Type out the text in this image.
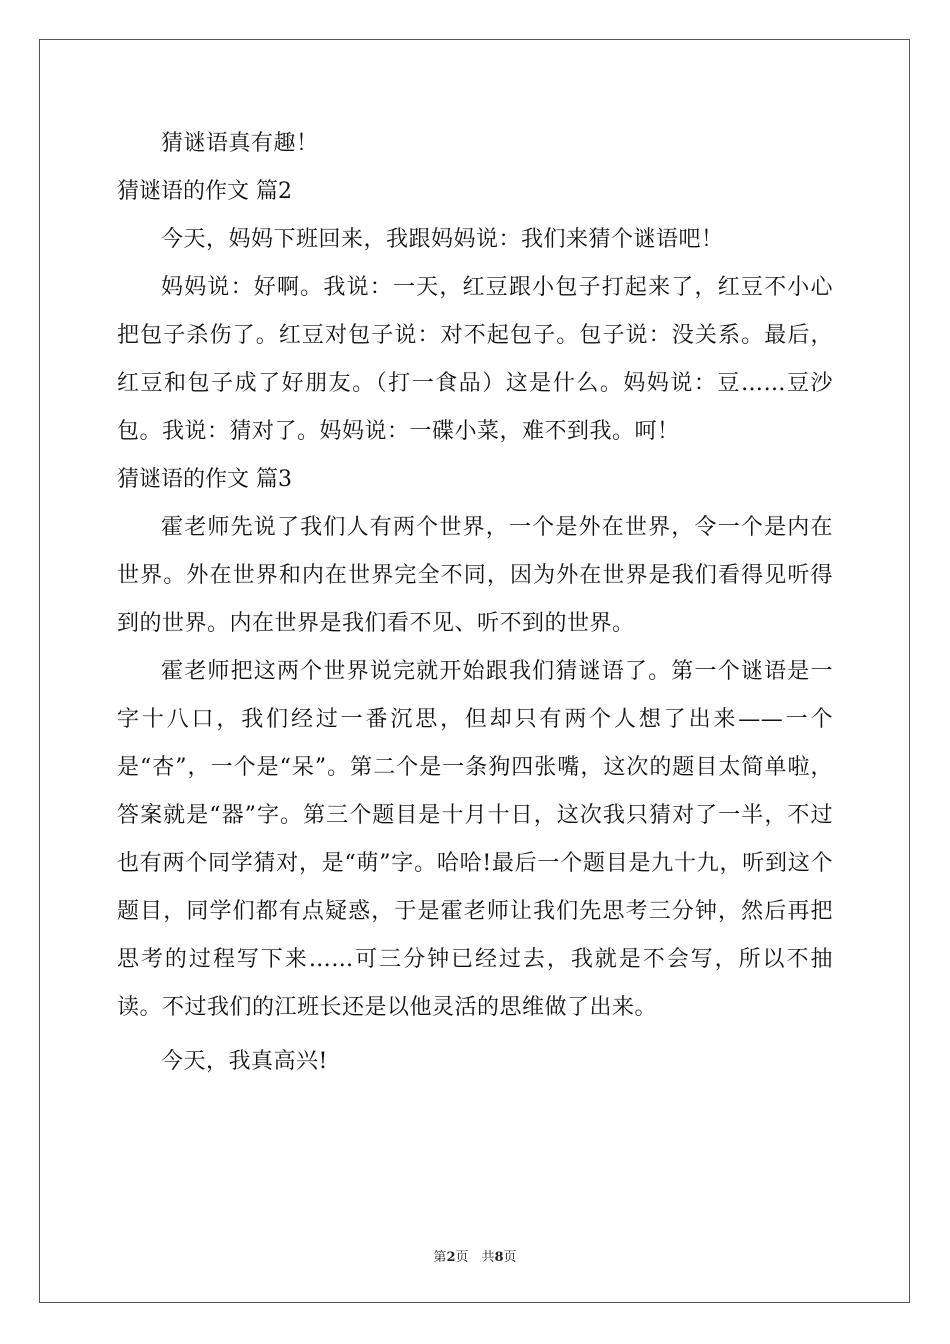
猜谜语真有趣！

猜谜语的作文 篇2

今天，妈妈下班回来，我跟妈妈说：我们来猜个谜语吧！

妈妈说：好啊。我说：一天，红豆跟小包子打起来了，红豆不小心把包子杀伤了。红豆对包子说：对不起包子。包子说：没关系。最后，红豆和包子成了好朋友。（打一食品）这是什么。妈妈说：豆……豆沙包。我说：猜对了。妈妈说：一碟小菜，难不到我。呵！

猜谜语的作文 篇3

霍老师先说了我们人有两个世界，一个是外在世界，令一个是内在世界。外在世界和内在世界完全不同，因为外在世界是我们看得见听得到的世界。内在世界是我们看不见、听不到的世界。

霍老师把这两个世界说完就开始跟我们猜谜语了。第一个谜语是一字十八口，我们经过一番沉思，但却只有两个人想了出来——一个是“杏”，一个是“呆”。第二个是一条狗四张嘴，这次的题目太简单啦，答案就是“器”字。第三个题目是十月十日，这次我只猜对了一半，不过也有两个同学猜对，是“萌”字。哈哈!最后一个题目是九十九，听到这个题目，同学们都有点疑惑，于是霍老师让我们先思考三分钟，然后再把思考的过程写下来……可三分钟已经过去，我就是不会写，所以不抽读。不过我们的江班长还是以他灵活的思维做了出来。

今天，我真高兴!

第2页　共8页
